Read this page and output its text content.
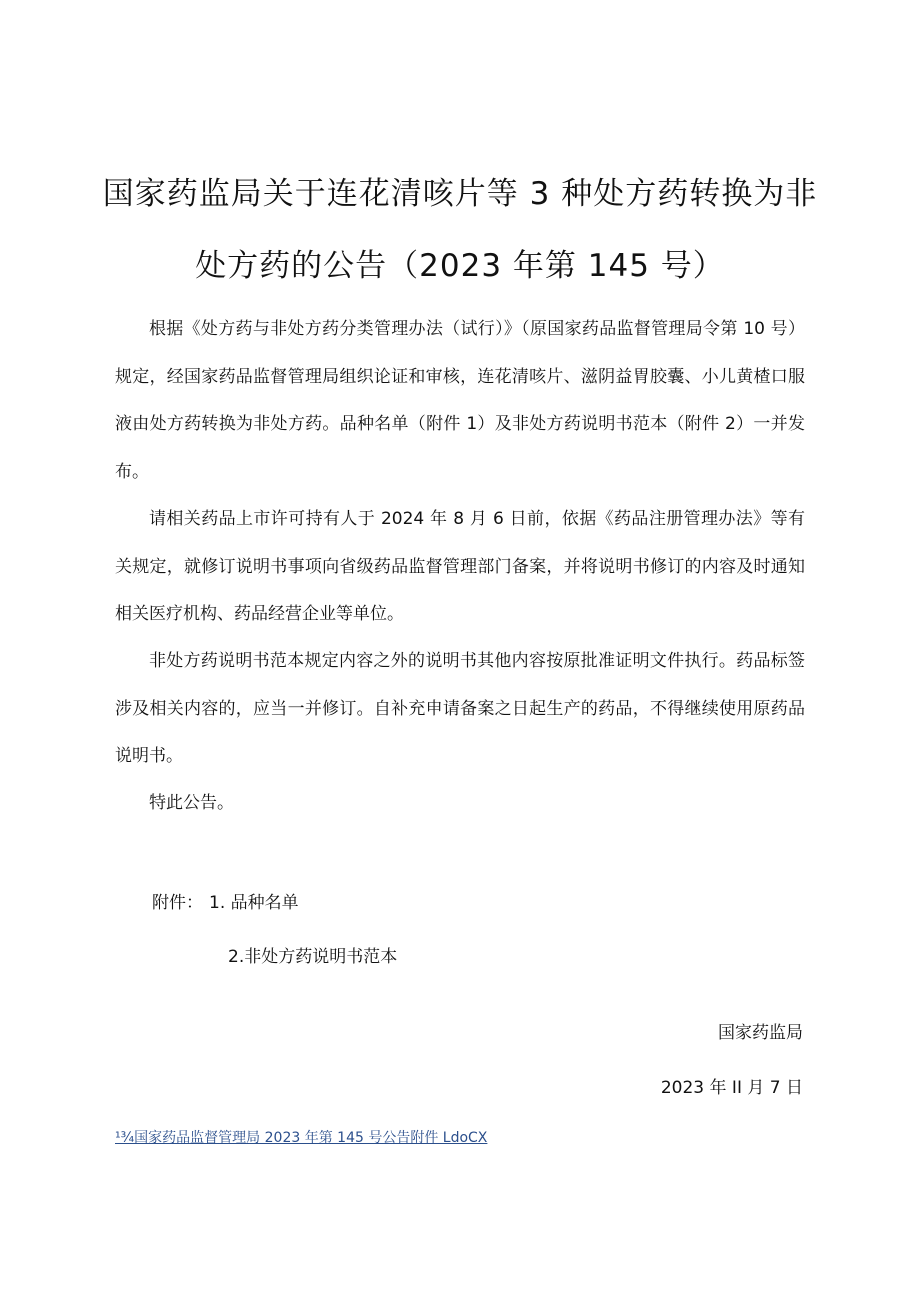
国家药监局关于连花清咳片等 3 种处方药转换为非
处方药的公告（2023 年第 145 号）

根据《处方药与非处方药分类管理办法（试行）》（原国家药品监督管理局令第 10 号）规定，经国家药品监督管理局组织论证和审核，连花清咳片、滋阴益胃胶囊、小儿黄楂口服液由处方药转换为非处方药。品种名单（附件 1）及非处方药说明书范本（附件 2）一并发布。

请相关药品上市许可持有人于 2024 年 8 月 6 日前，依据《药品注册管理办法》等有关规定，就修订说明书事项向省级药品监督管理部门备案，并将说明书修订的内容及时通知相关医疗机构、药品经营企业等单位。

非处方药说明书范本规定内容之外的说明书其他内容按原批准证明文件执行。药品标签涉及相关内容的，应当一并修订。自补充申请备案之日起生产的药品，不得继续使用原药品说明书。

特此公告。

附件： 1. 品种名单
2.非处方药说明书范本
国家药监局
2023 年 II 月 7 日
¹¾国家药品监督管理局 2023 年第 145 号公告附件 LdoCX
